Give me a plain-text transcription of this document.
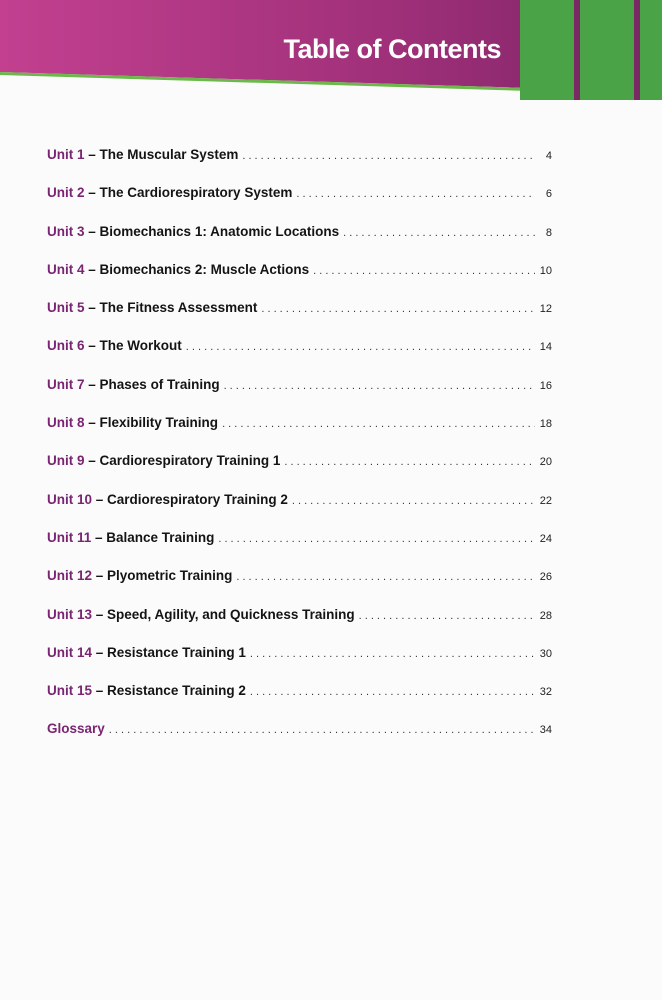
Table of Contents
Unit 1 – The Muscular System . . .	4
Unit 2 – The Cardiorespiratory System . . .	6
Unit 3 – Biomechanics 1: Anatomic Locations . . .	8
Unit 4 – Biomechanics 2: Muscle Actions . . .	10
Unit 5 – The Fitness Assessment . . .	12
Unit 6 – The Workout . . .	14
Unit 7 – Phases of Training . . .	16
Unit 8 – Flexibility Training . . .	18
Unit 9 – Cardiorespiratory Training 1 . . .	20
Unit 10 – Cardiorespiratory Training 2 . . .	22
Unit 11 – Balance Training . . .	24
Unit 12 – Plyometric Training . . .	26
Unit 13 – Speed, Agility, and Quickness Training . . .	28
Unit 14 – Resistance Training 1 . . .	30
Unit 15 – Resistance Training 2 . . .	32
Glossary . . .	34
